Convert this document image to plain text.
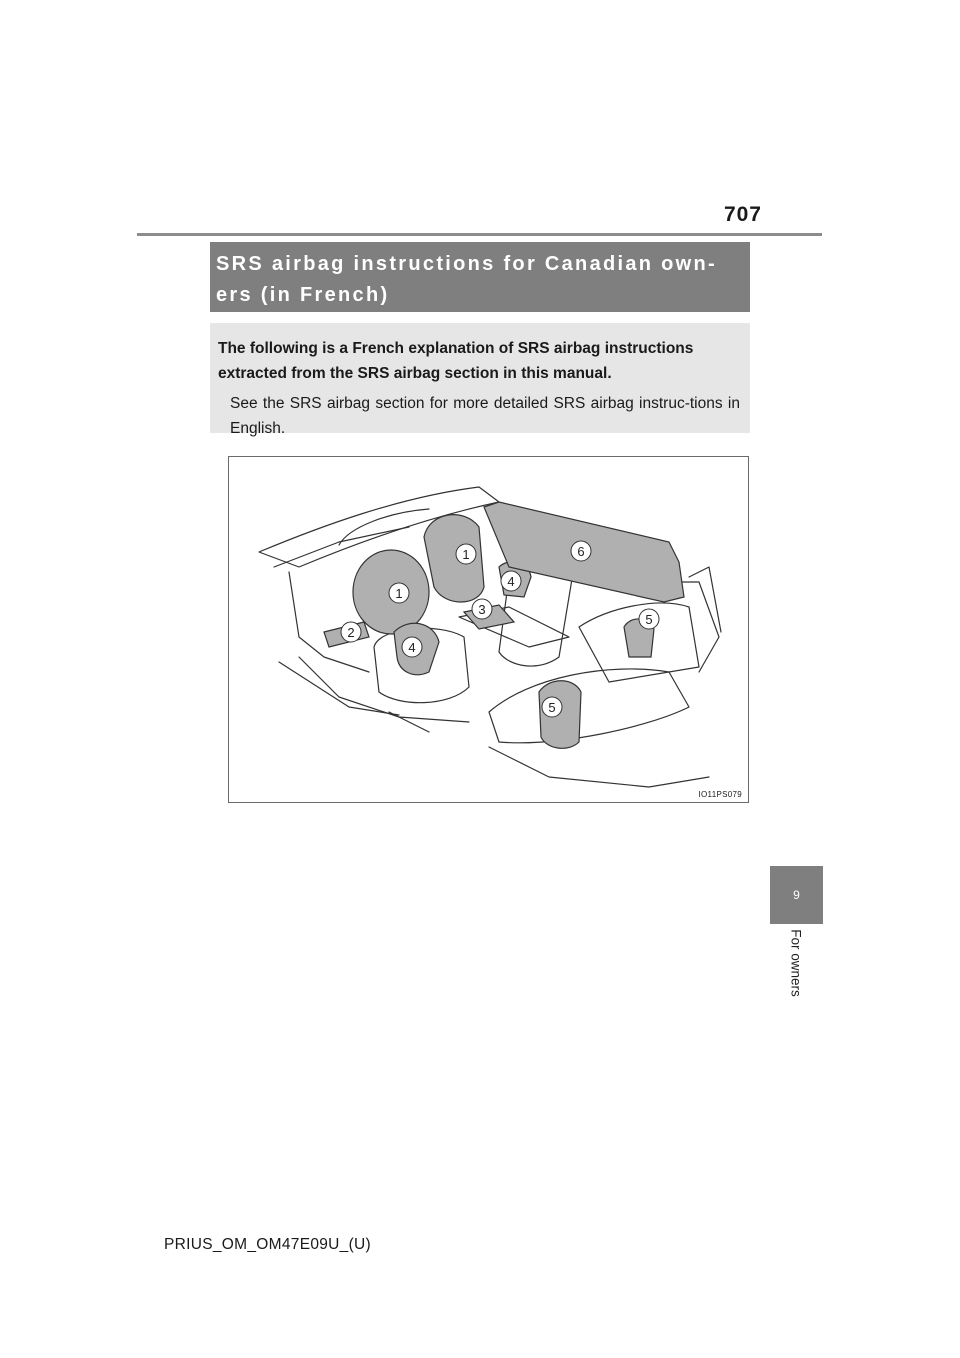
707
SRS airbag instructions for Canadian own-
ers (in French)
The following is a French explanation of SRS airbag instructions
extracted from the SRS airbag section in this manual.
See the SRS airbag section for more detailed SRS airbag instruc-tions in English.
1
1
2
3
4
4
5
5
6
IO11PS079
9
For owners
PRIUS_OM_OM47E09U_(U)
